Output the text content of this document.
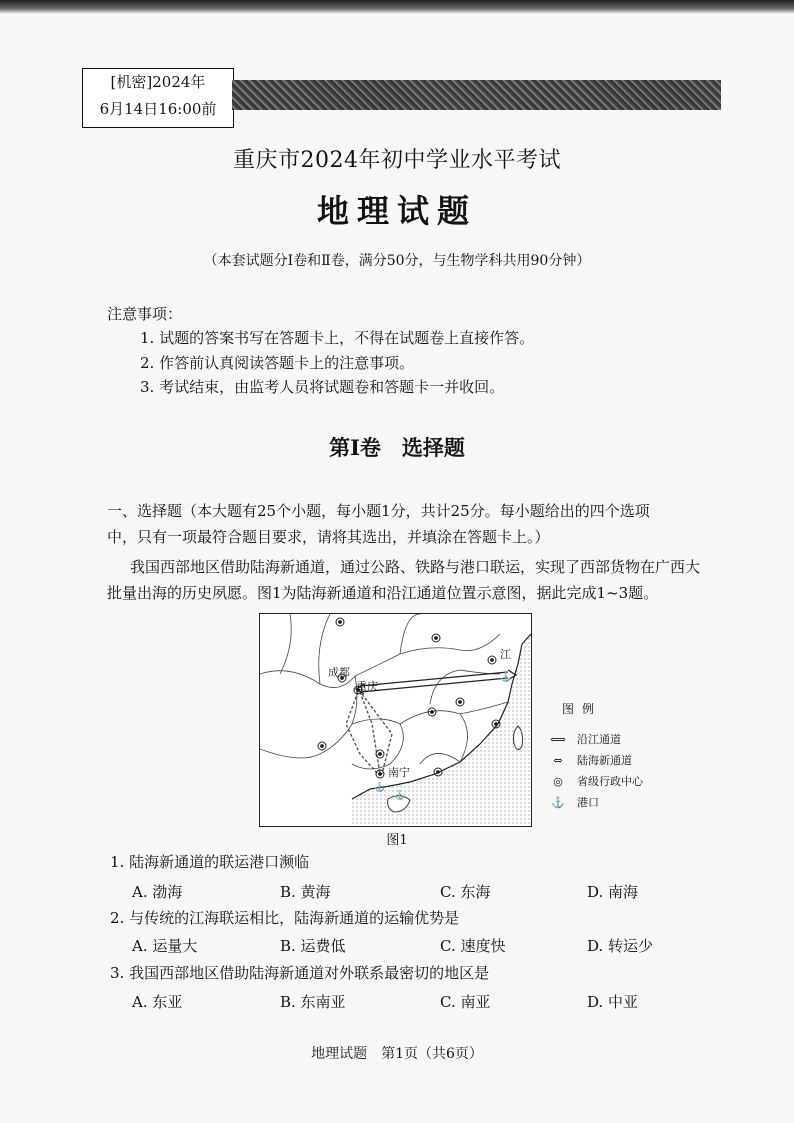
[机密]2024年
6月14日16:00前
重庆市2024年初中学业水平考试
地理试题
（本套试题分Ⅰ卷和Ⅱ卷，满分50分，与生物学科共用90分钟）
注意事项：
1. 试题的答案书写在答题卡上，不得在试题卷上直接作答。
2. 作答前认真阅读答题卡上的注意事项。
3. 考试结束，由监考人员将试题卷和答题卡一并收回。
第Ⅰ卷　选择题
一、选择题（本大题有25个小题，每小题1分，共计25分。每小题给出的四个选项
中，只有一项最符合题目要求，请将其选出，并填涂在答题卡上。）
我国西部地区借助陆海新通道，通过公路、铁路与港口联运，实现了西部货物在广西大
批量出海的历史夙愿。图1为陆海新通道和沿江通道位置示意图，据此完成1~3题。
⚓
⚓
⚓
成都
重庆
南宁
江
图例
⟺ 沿江通道
⇔ 陆海新通道
◎ 省级行政中心
⚓ 港口
图1
1. 陆海新通道的联运港口濒临
A. 渤海	B. 黄海	C. 东海	D. 南海
2. 与传统的江海联运相比，陆海新通道的运输优势是
A. 运量大	B. 运费低	C. 速度快	D. 转运少
3. 我国西部地区借助陆海新通道对外联系最密切的地区是
A. 东亚	B. 东南亚	C. 南亚	D. 中亚
地理试题　第1页（共6页）
